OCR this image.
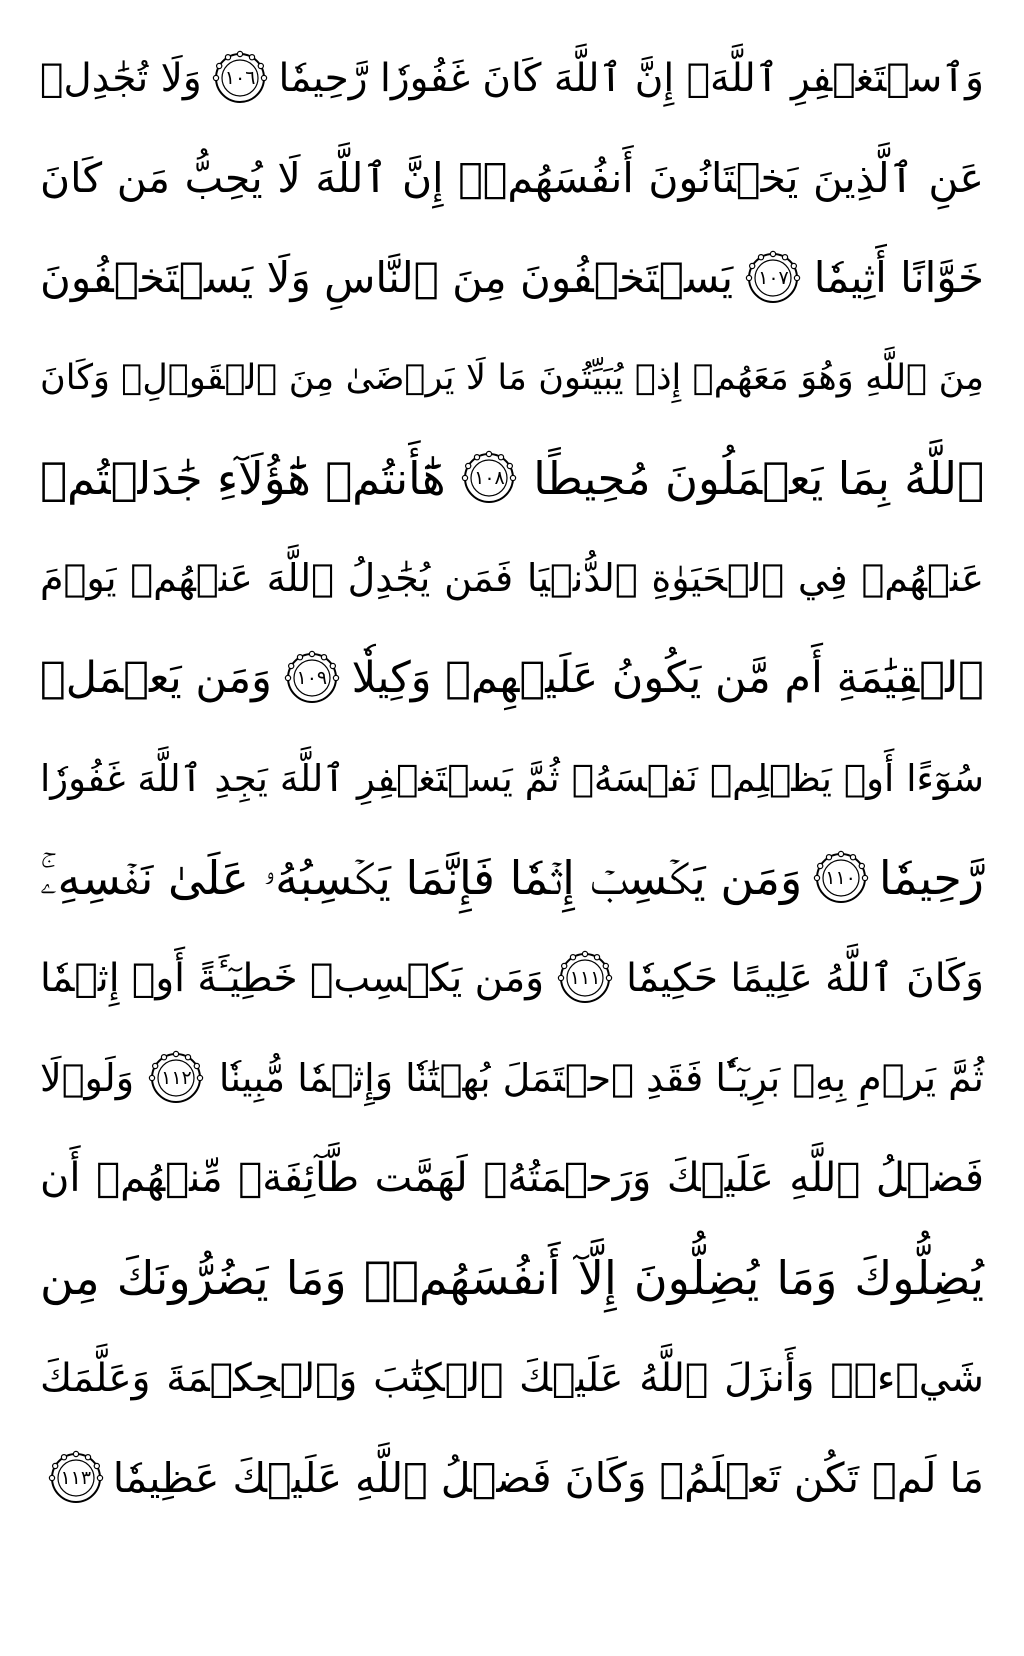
وَٱسۡتَغۡفِرِ ٱللَّهَۖ إِنَّ ٱللَّهَ كَانَ غَفُورٗا رَّحِيمٗا
١٠٦
وَلَا تُجَٰدِلۡ
عَنِ ٱلَّذِينَ يَخۡتَانُونَ أَنفُسَهُمۡۚ إِنَّ ٱللَّهَ لَا يُحِبُّ مَن كَانَ
خَوَّانًا أَثِيمٗا
١٠٧
يَسۡتَخۡفُونَ مِنَ ٱلنَّاسِ وَلَا يَسۡتَخۡفُونَ
مِنَ ٱللَّهِ وَهُوَ مَعَهُمۡ إِذۡ يُبَيِّتُونَ مَا لَا يَرۡضَىٰ مِنَ ٱلۡقَوۡلِۚ وَكَانَ
ٱللَّهُ بِمَا يَعۡمَلُونَ مُحِيطًا
١٠٨
هَٰٓأَنتُمۡ هَٰٓؤُلَآءِ جَٰدَلۡتُمۡ
عَنۡهُمۡ فِي ٱلۡحَيَوٰةِ ٱلدُّنۡيَا فَمَن يُجَٰدِلُ ٱللَّهَ عَنۡهُمۡ يَوۡمَ
ٱلۡقِيَٰمَةِ أَم مَّن يَكُونُ عَلَيۡهِمۡ وَكِيلٗا
١٠٩
وَمَن يَعۡمَلۡ
سُوٓءًا أَوۡ يَظۡلِمۡ نَفۡسَهُۥ ثُمَّ يَسۡتَغۡفِرِ ٱللَّهَ يَجِدِ ٱللَّهَ غَفُورٗا
رَّحِيمٗا
١١٠
وَمَن يَكۡسِبۡ إِثۡمٗا فَإِنَّمَا يَكۡسِبُهُۥ عَلَىٰ نَفۡسِهِۦۚ
وَكَانَ ٱللَّهُ عَلِيمًا حَكِيمٗا
١١١
وَمَن يَكۡسِبۡ خَطِيٓـَٔةً أَوۡ إِثۡمٗا
ثُمَّ يَرۡمِ بِهِۦ بَرِيٓـٔٗا فَقَدِ ٱحۡتَمَلَ بُهۡتَٰنٗا وَإِثۡمٗا مُّبِينٗا
١١٢
وَلَوۡلَا
فَضۡلُ ٱللَّهِ عَلَيۡكَ وَرَحۡمَتُهُۥ لَهَمَّت طَّآئِفَةٞ مِّنۡهُمۡ أَن
يُضِلُّوكَ وَمَا يُضِلُّونَ إِلَّآ أَنفُسَهُمۡۖ وَمَا يَضُرُّونَكَ مِن
شَيۡءٖۚ وَأَنزَلَ ٱللَّهُ عَلَيۡكَ ٱلۡكِتَٰبَ وَٱلۡحِكۡمَةَ وَعَلَّمَكَ
مَا لَمۡ تَكُن تَعۡلَمُۚ وَكَانَ فَضۡلُ ٱللَّهِ عَلَيۡكَ عَظِيمٗا
١١٣
